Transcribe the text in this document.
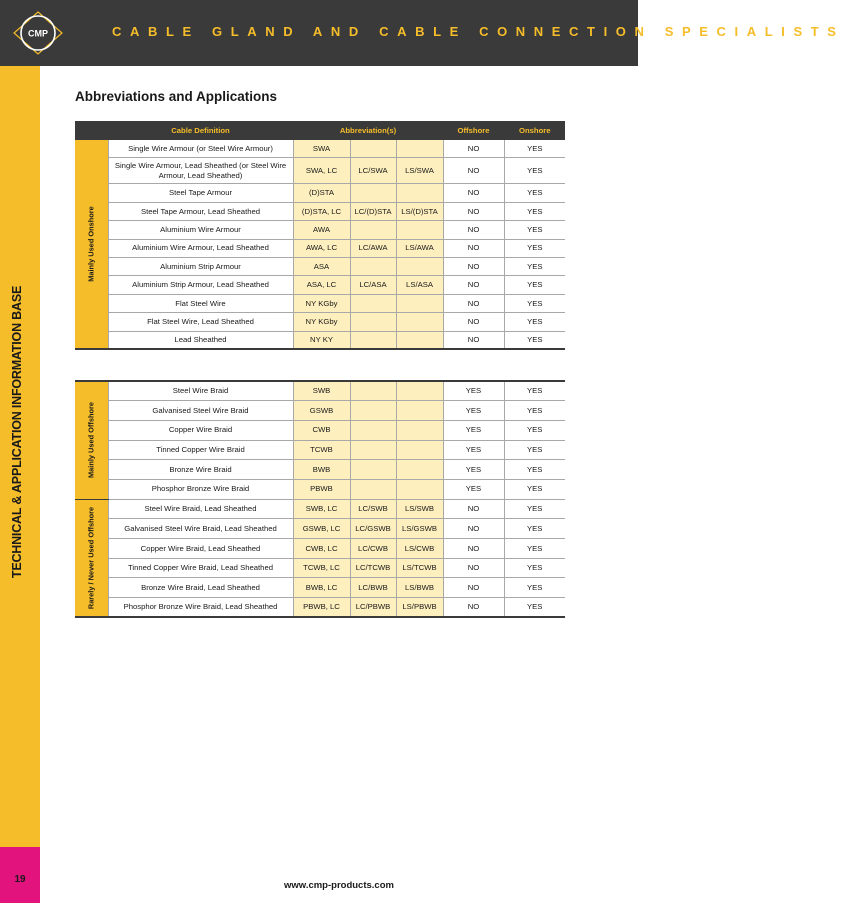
CMP	CABLE GLAND AND CABLE CONNECTION SPECIALISTS
TECHNICAL & APPLICATION INFORMATION BASE
19
Abbreviations and Applications
	Cable Definition	Abbreviation(s)			Offshore	Onshore

Mainly Used Onshore	Single Wire Armour (or Steel Wire Armour)	SWA			NO	YES
	Single Wire Armour, Lead Sheathed (or Steel Wire Armour, Lead Sheathed)	SWA, LC	LC/SWA	LS/SWA	NO	YES
	Steel Tape Armour	(D)STA			NO	YES
	Steel Tape Armour, Lead Sheathed	(D)STA, LC	LC/(D)STA	LS/(D)STA	NO	YES
	Aluminium Wire Armour	AWA			NO	YES
	Aluminium Wire Armour, Lead Sheathed	AWA, LC	LC/AWA	LS/AWA	NO	YES
	Aluminium Strip Armour	ASA			NO	YES
	Aluminium Strip Armour, Lead Sheathed	ASA, LC	LC/ASA	LS/ASA	NO	YES
	Flat Steel Wire	NY KGby			NO	YES
	Flat Steel Wire, Lead Sheathed	NY KGby			NO	YES
	Lead Sheathed	NY KY			NO	YES
Mainly Used Offshore	Steel Wire Braid	SWB			YES	YES
	Galvanised Steel Wire Braid	GSWB			YES	YES
	Copper Wire Braid	CWB			YES	YES
	Tinned Copper Wire Braid	TCWB			YES	YES
	Bronze Wire Braid	BWB			YES	YES
	Phosphor Bronze Wire Braid	PBWB			YES	YES

Rarely / Never Used Offshore	Steel Wire Braid, Lead Sheathed	SWB, LC	LC/SWB	LS/SWB	NO	YES
	Galvanised Steel Wire Braid, Lead Sheathed	GSWB, LC	LC/GSWB	LS/GSWB	NO	YES
	Copper Wire Braid, Lead Sheathed	CWB, LC	LC/CWB	LS/CWB	NO	YES
	Tinned Copper Wire Braid, Lead Sheathed	TCWB, LC	LC/TCWB	LS/TCWB	NO	YES
	Bronze Wire Braid, Lead Sheathed	BWB, LC	LC/BWB	LS/BWB	NO	YES
	Phosphor Bronze Wire Braid, Lead Sheathed	PBWB, LC	LC/PBWB	LS/PBWB	NO	YES
www.cmp-products.com
